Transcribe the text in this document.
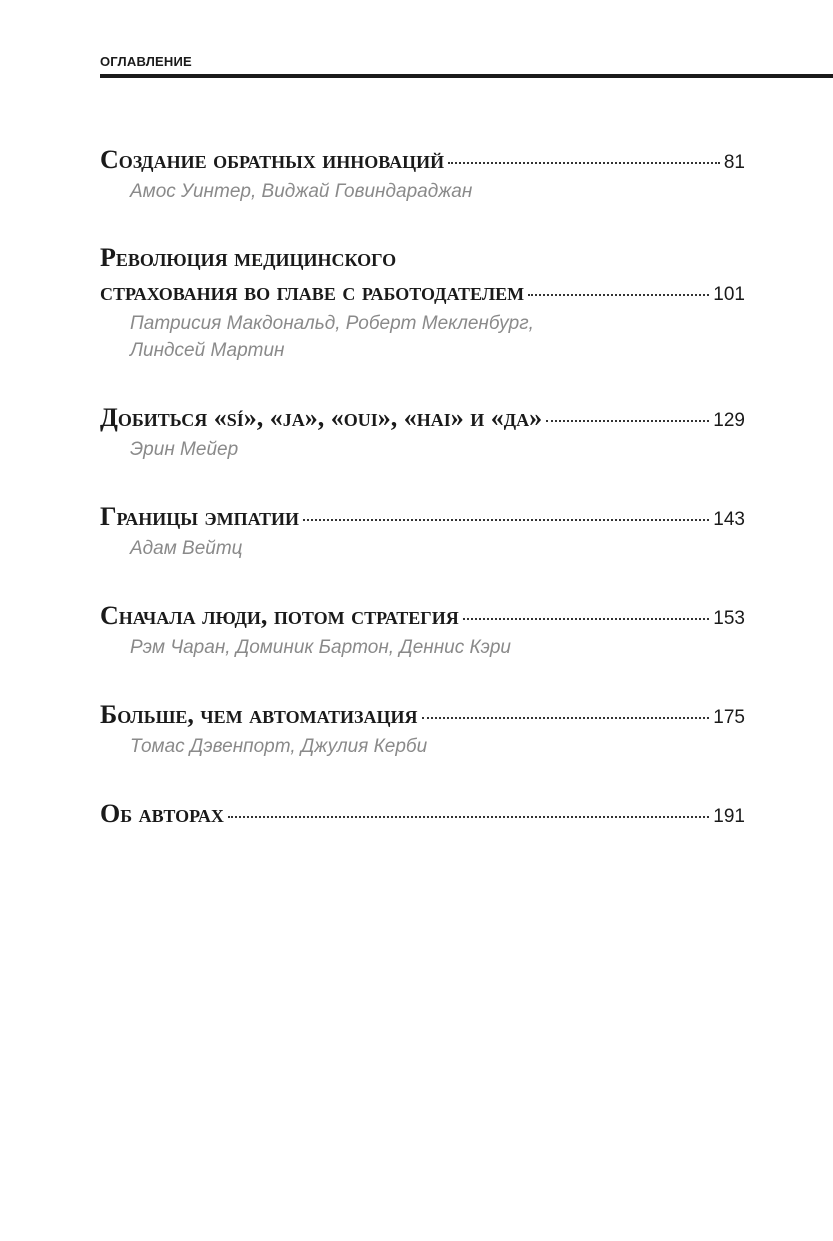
ОГЛАВЛЕНИЕ
Создание обратных инноваций	81
Амос Уинтер, Виджай Говиндараджан
Революция медицинского
страхования во главе с работодателем	101
Патрисия Макдональд, Роберт Мекленбург,
Линдсей Мартин
Добиться «sí», «ja», «oui», «hai» и «да»	129
Эрин Мейер
Границы эмпатии	143
Адам Вейтц
Сначала люди, потом стратегия	153
Рэм Чаран, Доминик Бартон, Деннис Кэри
Больше, чем автоматизация	175
Томас Дэвенпорт, Джулия Керби
Об авторах	191
